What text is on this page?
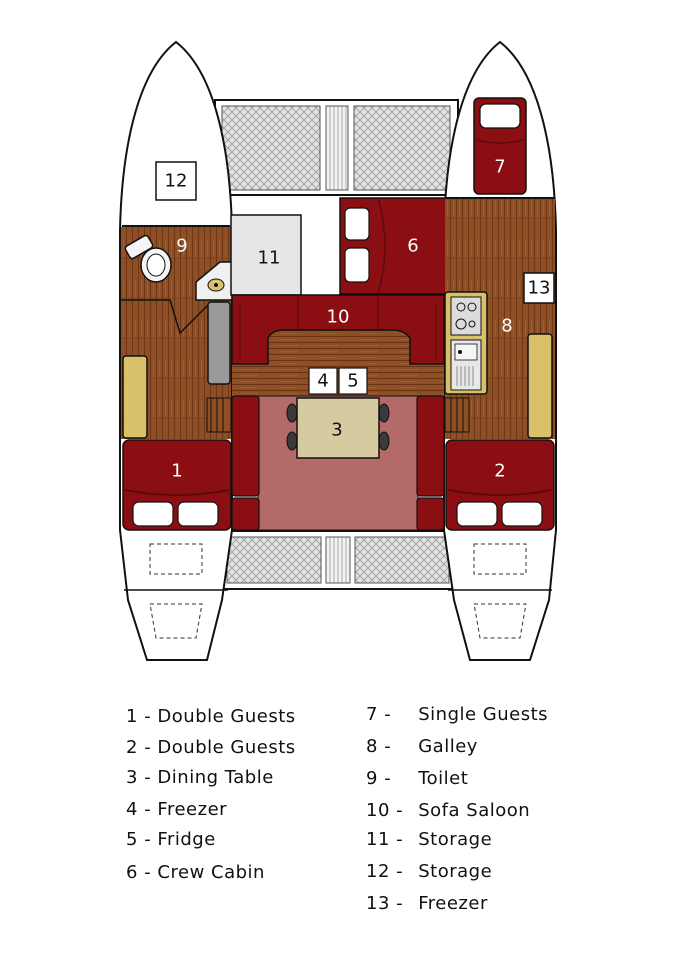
1	2
3
4 5
6
7
8
9
10
11
12
13
1 - Double Guests
2 - Double Guests
3 - Dining Table
4 - Freezer
5 - Fridge
6 - Crew Cabin
7 - Single Guests
8 - Galley
9 - Toilet
10 - Sofa Saloon
11 - Storage
12 - Storage
13 - Freezer
